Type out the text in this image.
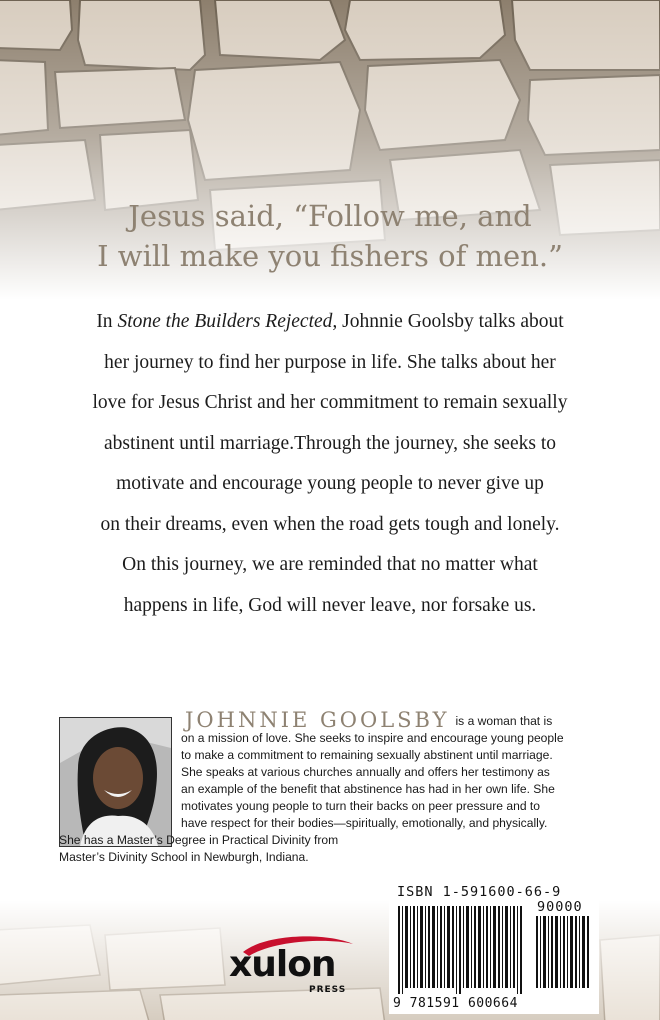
Jesus said, “Follow me, and
I will make you fishers of men.”
In Stone the Builders Rejected, Johnnie Goolsby talks about
her journey to find her purpose in life. She talks about her
love for Jesus Christ and her commitment to remain sexually
abstinent until marriage.Through the journey, she seeks to
motivate and encourage young people to never give up
on their dreams, even when the road gets tough and lonely.
On this journey, we are reminded that no matter what
happens in life, God will never leave, nor forsake us.
JOHNNIE GOOLSBY is a woman that is
on a mission of love. She seeks to inspire and encourage young people
to make a commitment to remaining sexually abstinent until marriage.
She speaks at various churches annually and offers her testimony as
an example of the benefit that abstinence has had in her own life. She
motivates young people to turn their backs on peer pressure and to
have respect for their bodies—spiritually, emotionally, and physically.
She has a Master’s Degree in Practical Divinity from
Master’s Divinity School in Newburgh, Indiana.
xulon
PRESS
ISBN 1-591600-66-9
90000
9 781591 600664
